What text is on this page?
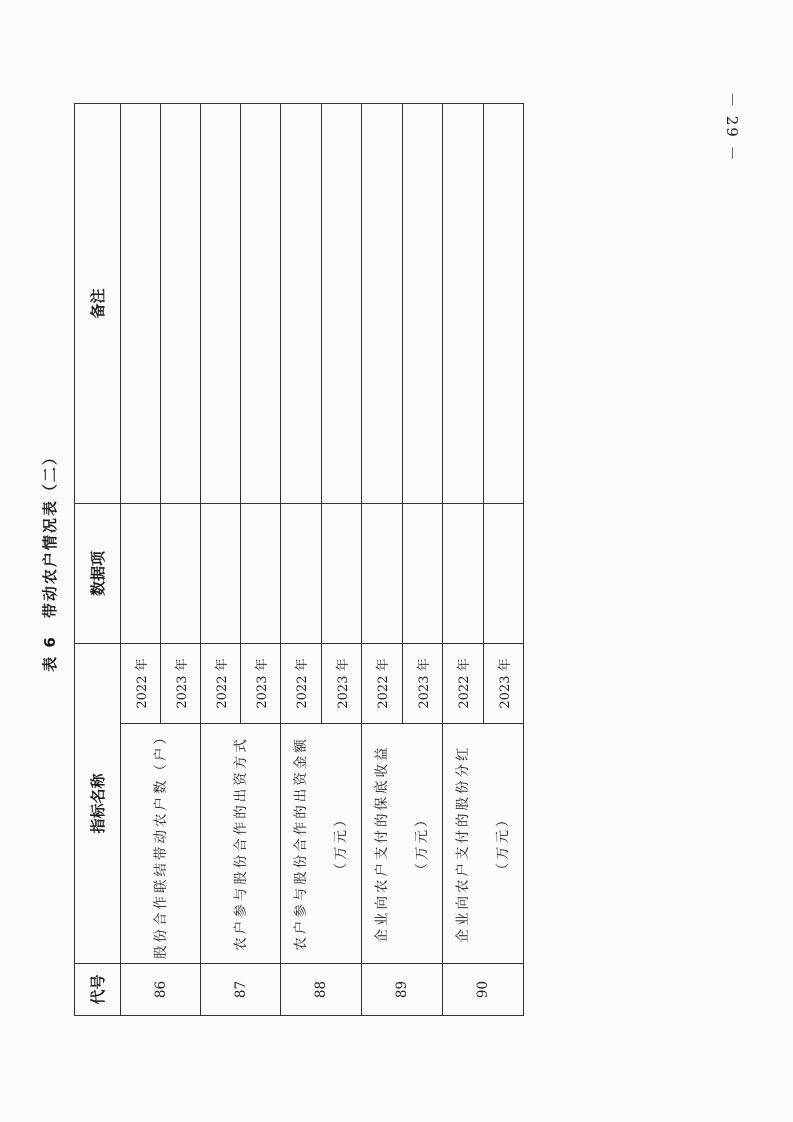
－ 29 －
表 6　带动农户情况表（二）
代号	指标名称		数据项	备注
86	股份合作联结带动农户数（户）	2022 年		
		2023 年		
87	农户参与股份合作的出资方式	2022 年		
		2023 年		
88	农户参与股份合作的出资金额 （万元）	2022 年		
		2023 年		
89	企业向农户支付的保底收益 （万元）	2022 年		
		2023 年		
90	企业向农户支付的股份分红 （万元）	2022 年		
		2023 年		
